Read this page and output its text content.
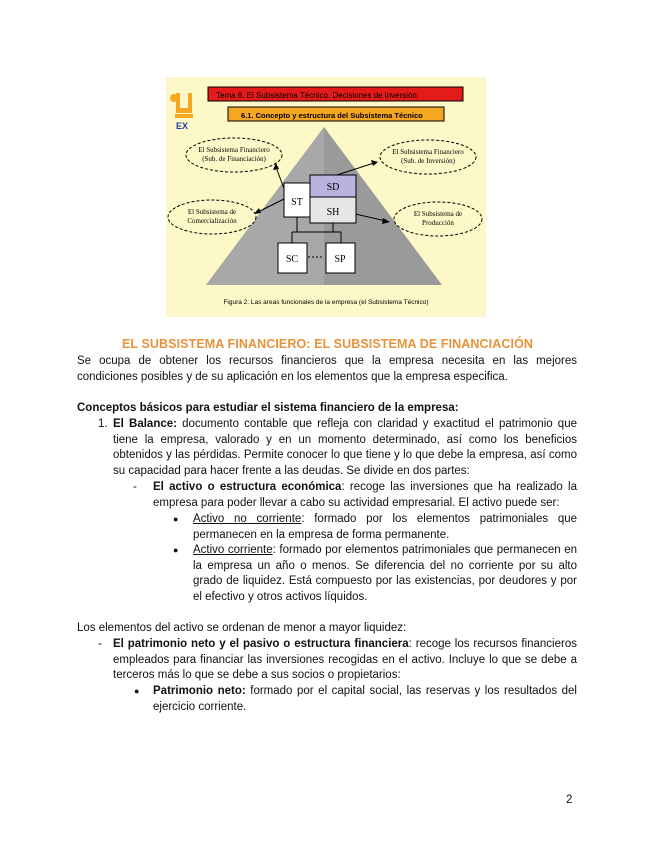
Tema 6. El Subsistema Técnico. Decisiones de inversión
6.1. Concepto y estructura del Subsistema Técnico
EX
El Subsistema Financiero
(Sub. de Financiación)
El Subsistema Financiero
(Sub. de Inversión)
El Subsistema de
Comercialización
El Subsistema de
Producción
ST
SD
SH
SC	SP
Figura 2: Las areas funcionales de la empresa (el Subsistema Técnico)
EL SUBSISTEMA FINANCIERO: EL SUBSISTEMA DE FINANCIACIÓN

Se ocupa de obtener los recursos financieros que la empresa necesita en las mejores condiciones posibles y de su aplicación en los elementos que la empresa especifica.

Conceptos básicos para estudiar el sistema financiero de la empresa:

1. El Balance: documento contable que refleja con claridad y exactitud el patrimonio que tiene la empresa, valorado y en un momento determinado, así como los beneficios obtenidos y las pérdidas. Permite conocer lo que tiene y lo que debe la empresa, así como su capacidad para hacer frente a las deudas. Se divide en dos partes:

- El activo o estructura económica: recoge las inversiones que ha realizado la empresa para poder llevar a cabo su actividad empresarial. El activo puede ser:

● Activo no corriente: formado por los elementos patrimoniales que permanecen en la empresa de forma permanente.

● Activo corriente: formado por elementos patrimoniales que permanecen en la empresa un año o menos. Se diferencia del no corriente por su alto grado de liquidez. Está compuesto por las existencias, por deudores y por el efectivo y otros activos líquidos.

Los elementos del activo se ordenan de menor a mayor liquidez:

- El patrimonio neto y el pasivo o estructura financiera: recoge los recursos financieros empleados para financiar las inversiones recogidas en el activo. Incluye lo que se debe a terceros más lo que se debe a sus socios o propietarios:

● Patrimonio neto: formado por el capital social, las reservas y los resultados del ejercicio corriente.

2
